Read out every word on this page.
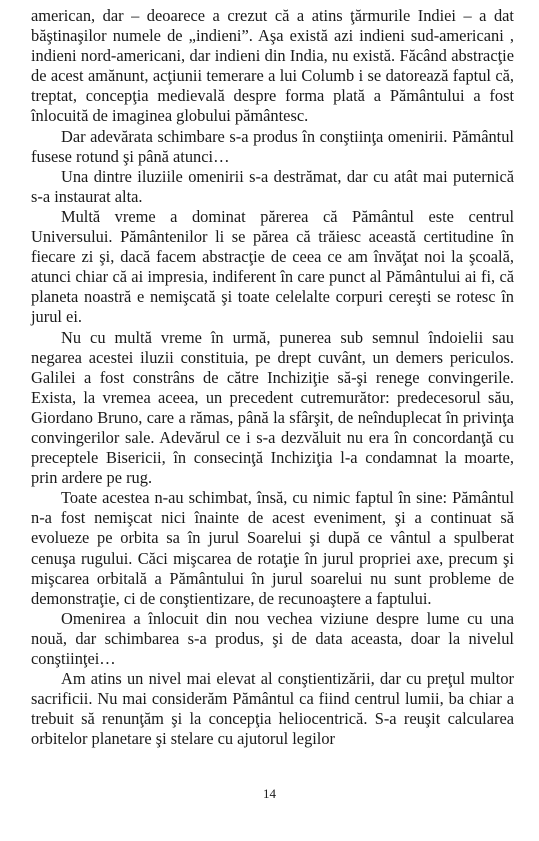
american, dar – deoarece a crezut că a atins ţărmurile Indiei – a dat băştinaşilor numele de „indieni”. Aşa există azi indieni sud-americani , indieni nord-americani, dar indieni din India, nu există. Făcând abstracţie de acest amănunt, acţiunii temerare a lui Columb i se datorează faptul că, treptat, concepţia medievală despre forma plată a Pământului a fost înlocuită de imaginea globului pământesc.

Dar adevărata schimbare s-a produs în conştiinţa omenirii. Pământul fusese rotund şi până atunci…

Una dintre iluziile omenirii s-a destrămat, dar cu atât mai puternică s-a instaurat alta.

Multă vreme a dominat părerea că Pământul este centrul Universului. Pământenilor li se părea că trăiesc această certitudine în fiecare zi şi, dacă facem abstracţie de ceea ce am învăţat noi la şcoală, atunci chiar că ai impresia, indiferent în care punct al Pământului ai fi, că planeta noastră e nemişcată şi toate celelalte corpuri cereşti se rotesc în jurul ei.

Nu cu multă vreme în urmă, punerea sub semnul îndoielii sau negarea acestei iluzii constituia, pe drept cuvânt, un demers periculos. Galilei a fost constrâns de către Inchiziţie să-şi renege convingerile. Exista, la vremea aceea, un precedent cutremurător: predecesorul său, Giordano Bruno, care a rămas, până la sfârşit, de neînduplecat în privinţa convingerilor sale. Adevărul ce i s-a dezvăluit nu era în concordanţă cu preceptele Bisericii, în consecinţă Inchiziţia l-a condamnat la moarte, prin ardere pe rug.

Toate acestea n-au schimbat, însă, cu nimic faptul în sine: Pământul n-a fost nemişcat nici înainte de acest eveniment, şi a continuat să evolueze pe orbita sa în jurul Soarelui şi după ce vântul a spulberat cenuşa rugului. Căci mişcarea de rotaţie în jurul propriei axe, precum şi mişcarea orbitală a Pământului în jurul soarelui nu sunt probleme de demonstraţie, ci de conştientizare, de recunoaştere a faptului.

Omenirea a înlocuit din nou vechea viziune despre lume cu una nouă, dar schimbarea s-a produs, şi de data aceasta, doar la nivelul conştiinţei…

Am atins un nivel mai elevat al conştientizării, dar cu preţul multor sacrificii. Nu mai considerăm Pământul ca fiind centrul lumii, ba chiar a trebuit să renunţăm şi la concepţia heliocentrică. S-a reuşit calcularea orbitelor planetare şi stelare cu ajutorul legilor

14
